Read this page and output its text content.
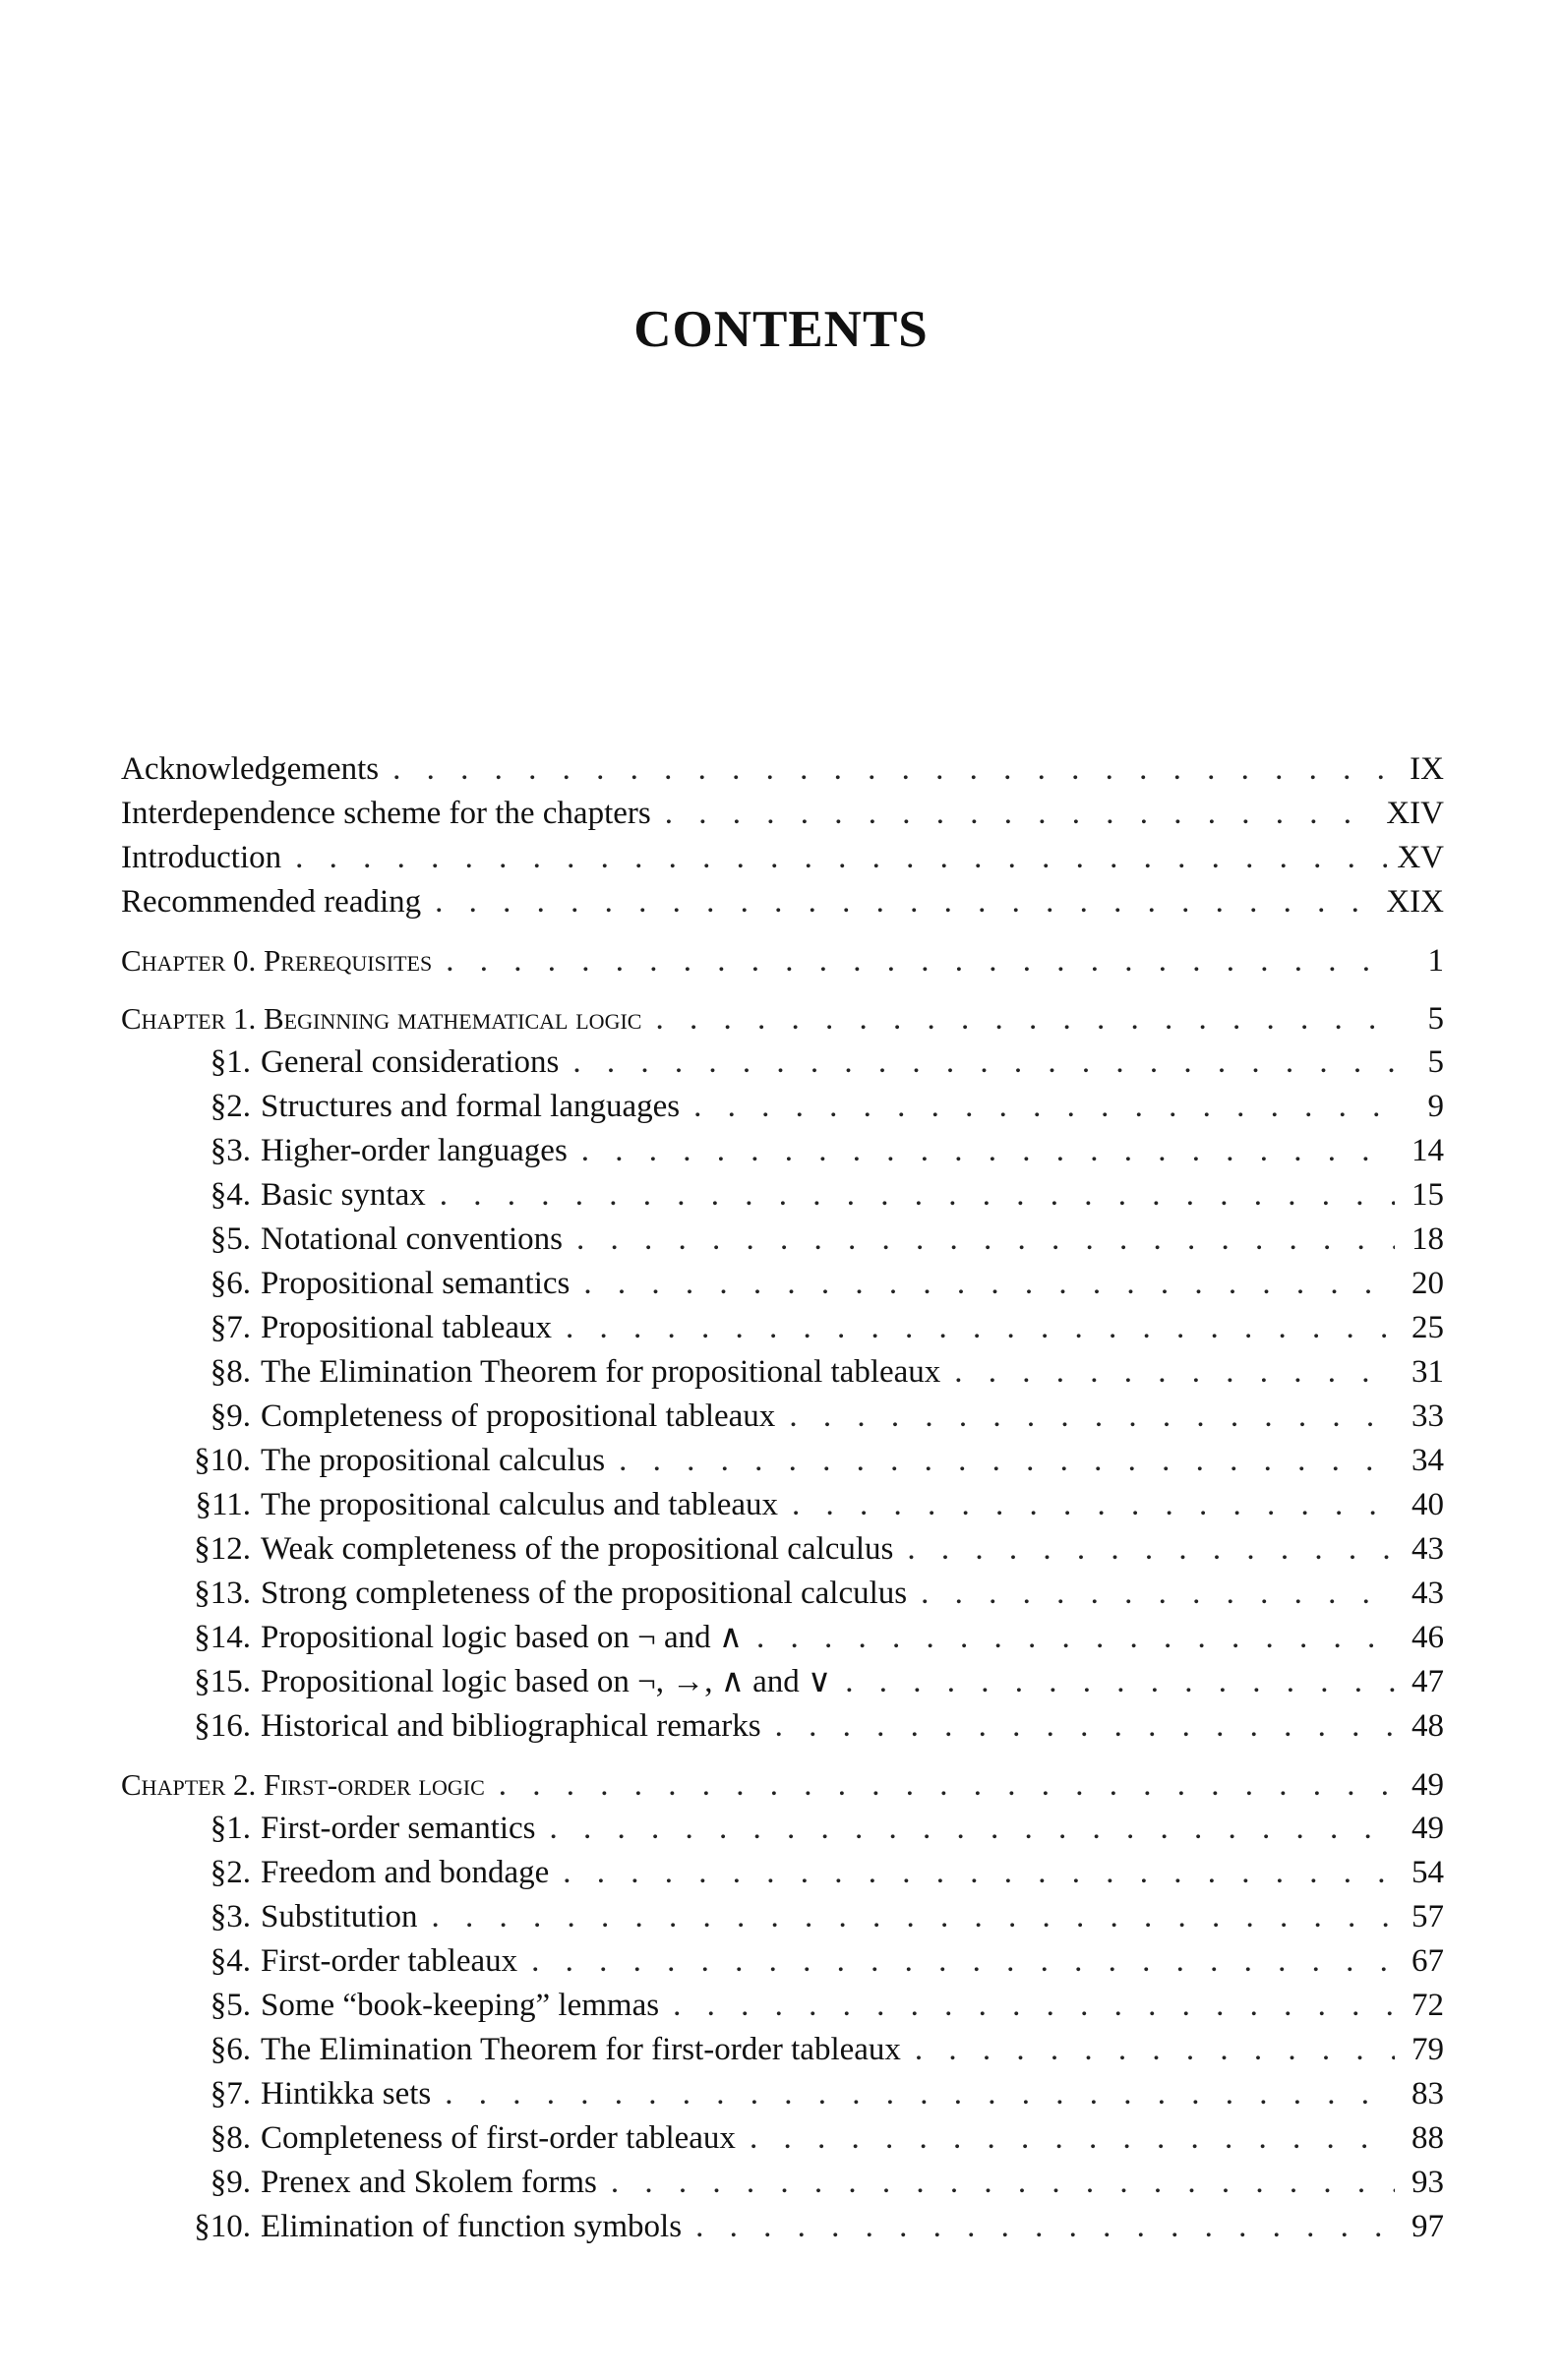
CONTENTS
Acknowledgements . . .	IX
Interdependence scheme for the chapters . . .	XIV
Introduction . . .	XV
Recommended reading . . .	XIX
Chapter 0. Prerequisites . . .	1
Chapter 1. Beginning mathematical logic . . .	5
§1. General considerations . . .	5
§2. Structures and formal languages . . .	9
§3. Higher-order languages . . .	14
§4. Basic syntax . . .	15
§5. Notational conventions . . .	18
§6. Propositional semantics . . .	20
§7. Propositional tableaux . . .	25
§8. The Elimination Theorem for propositional tableaux . . .	31
§9. Completeness of propositional tableaux . . .	33
§10. The propositional calculus . . .	34
§11. The propositional calculus and tableaux . . .	40
§12. Weak completeness of the propositional calculus . . .	43
§13. Strong completeness of the propositional calculus . . .	43
§14. Propositional logic based on ¬ and ∧ . . .	46
§15. Propositional logic based on ¬, →, ∧ and ∨ . . .	47
§16. Historical and bibliographical remarks . . .	48
Chapter 2. First-order logic . . .	49
§1. First-order semantics . . .	49
§2. Freedom and bondage . . .	54
§3. Substitution . . .	57
§4. First-order tableaux . . .	67
§5. Some “book-keeping” lemmas . . .	72
§6. The Elimination Theorem for first-order tableaux . . .	79
§7. Hintikka sets . . .	83
§8. Completeness of first-order tableaux . . .	88
§9. Prenex and Skolem forms . . .	93
§10. Elimination of function symbols . . .	97
